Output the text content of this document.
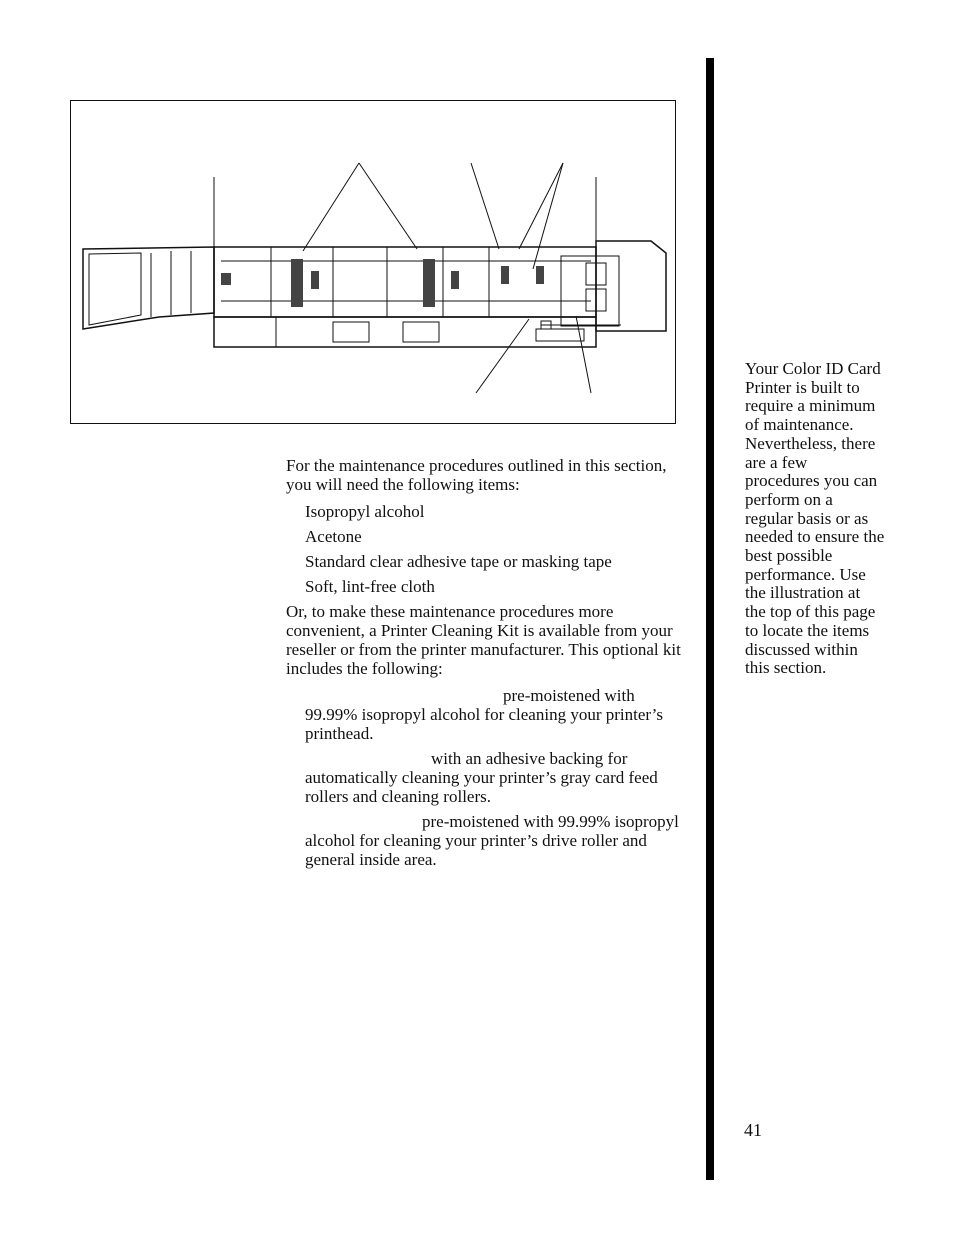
For the maintenance procedures outlined in this section, you will need the following items:

Isopropyl alcohol

Acetone

Standard clear adhesive tape or masking tape

Soft, lint-free cloth

Or, to make these maintenance procedures more convenient, a Printer Cleaning Kit is available from your reseller or from the printer manufacturer. This optional kit includes the following:

pre-moistened with 99.99% isopropyl alcohol for cleaning your printer’s printhead.

with an adhesive backing for automatically cleaning your printer’s gray card feed rollers and cleaning rollers.

pre-moistened with 99.99% isopropyl alcohol for cleaning your printer’s drive roller and general inside area.

Your Color ID Card Printer is built to require a minimum of maintenance. Nevertheless, there are a few procedures you can perform on a regular basis or as needed to ensure the best possible performance. Use the illustration at the top of this page to locate the items discussed within this section.
41
